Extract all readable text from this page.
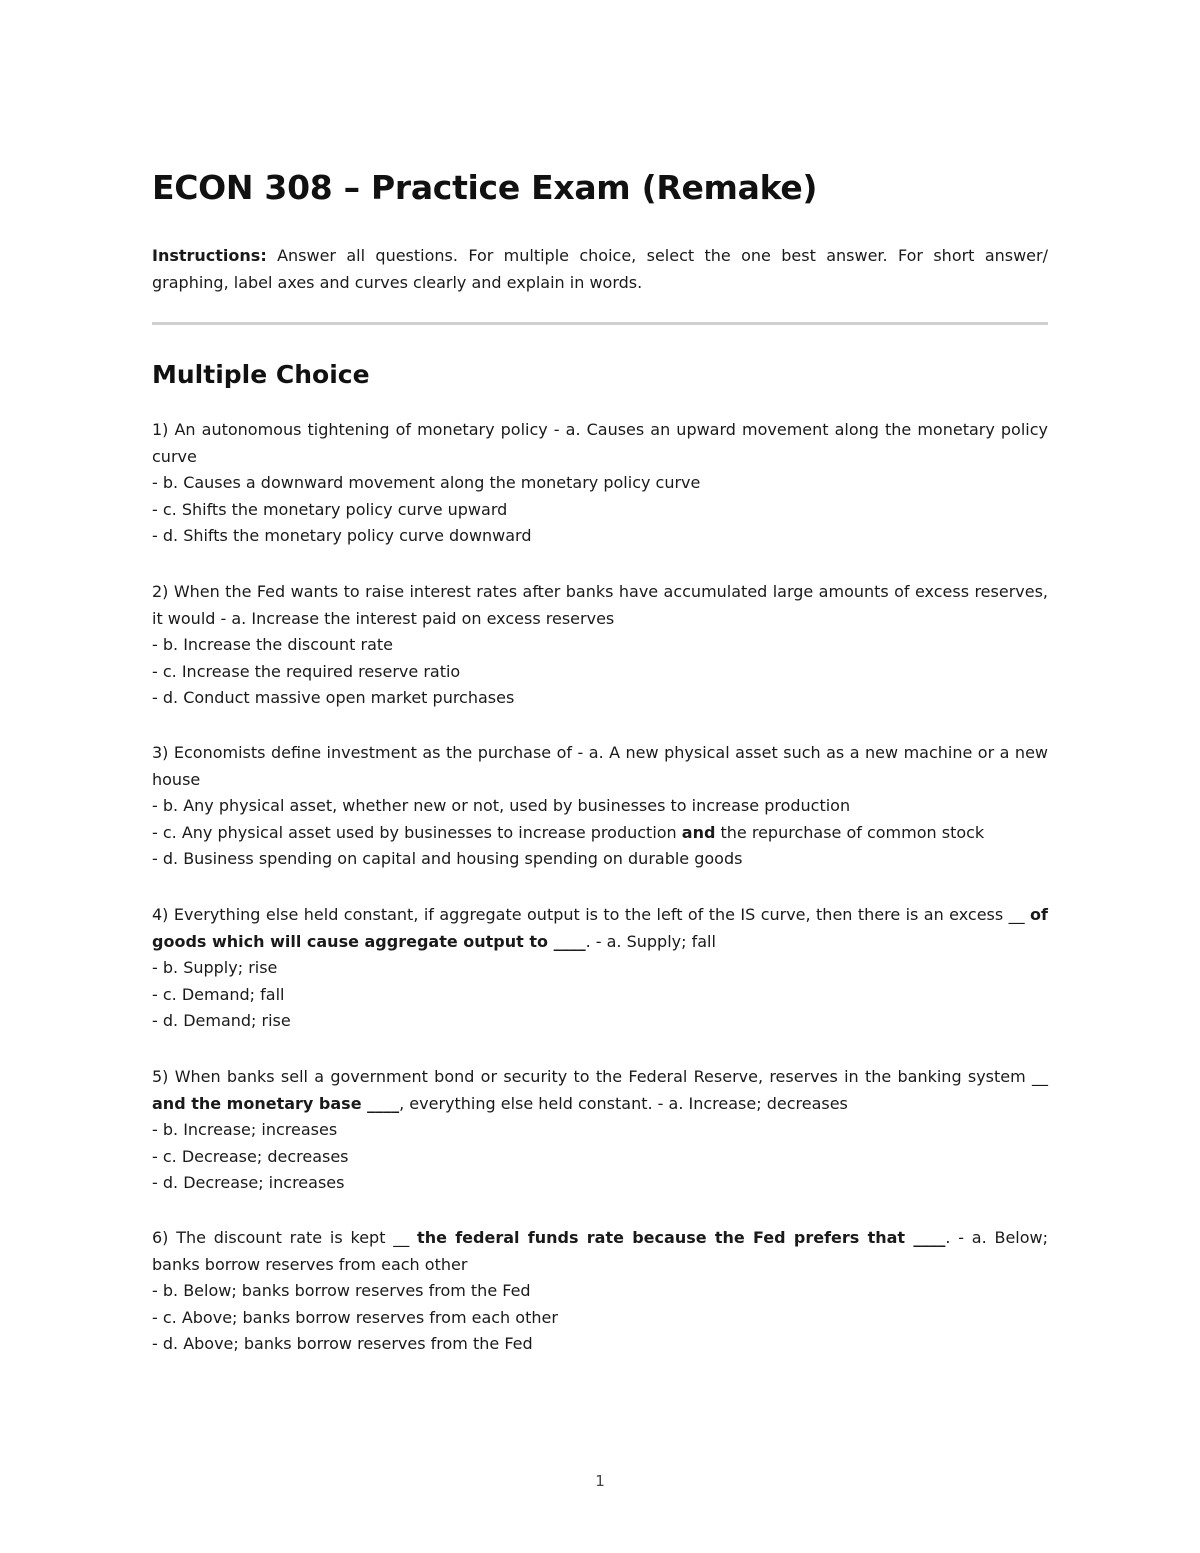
ECON 308 – Practice Exam (Remake)

Instructions: Answer all questions. For multiple choice, select the one best answer. For short answer/ graphing, label axes and curves clearly and explain in words.

Multiple Choice

1) An autonomous tightening of monetary policy - a. Causes an upward movement along the monetary policy curve

- b. Causes a downward movement along the monetary policy curve

- c. Shifts the monetary policy curve upward

- d. Shifts the monetary policy curve downward

2) When the Fed wants to raise interest rates after banks have accumulated large amounts of excess reserves, it would - a. Increase the interest paid on excess reserves

- b. Increase the discount rate

- c. Increase the required reserve ratio

- d. Conduct massive open market purchases

3) Economists define investment as the purchase of - a. A new physical asset such as a new machine or a new house

- b. Any physical asset, whether new or not, used by businesses to increase production

- c. Any physical asset used by businesses to increase production and the repurchase of common stock

- d. Business spending on capital and housing spending on durable goods

4) Everything else held constant, if aggregate output is to the left of the IS curve, then there is an excess __ of goods which will cause aggregate output to ____. - a. Supply; fall

- b. Supply; rise

- c. Demand; fall

- d. Demand; rise

5) When banks sell a government bond or security to the Federal Reserve, reserves in the banking system __ and the monetary base ____, everything else held constant. - a. Increase; decreases

- b. Increase; increases

- c. Decrease; decreases

- d. Decrease; increases

6) The discount rate is kept __ the federal funds rate because the Fed prefers that ____. - a. Below; banks borrow reserves from each other

- b. Below; banks borrow reserves from the Fed

- c. Above; banks borrow reserves from each other

- d. Above; banks borrow reserves from the Fed

1
